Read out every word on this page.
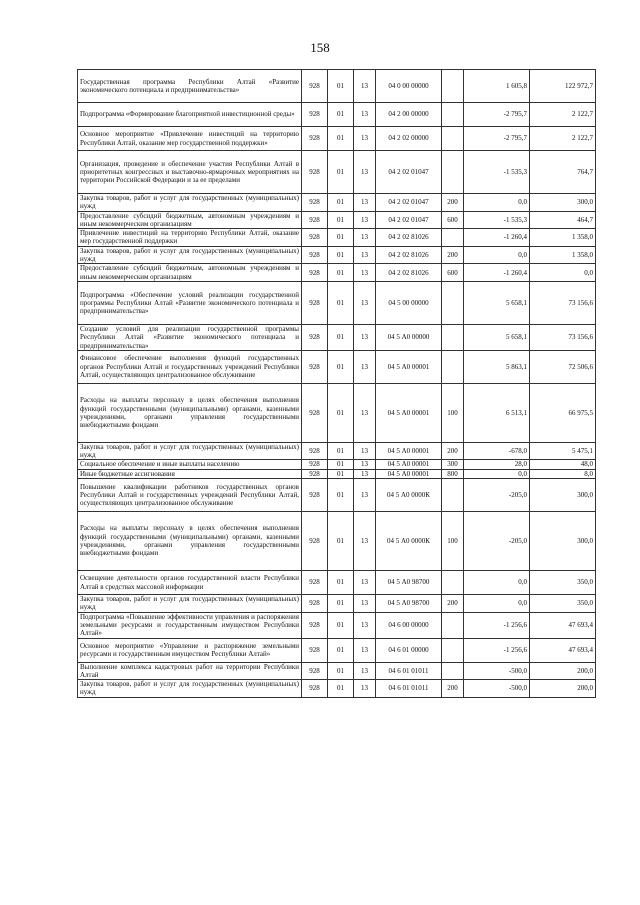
158
Государственная программа Республики Алтай «Развитие экономического потенциала и предпринимательства»	928	01	13	04 0 00 00000		1 605,8	122 972,7
Подпрограмма «Формирование благоприятной инвестиционной среды»	928	01	13	04 2 00 00000		-2 795,7	2 122,7
Основное мероприятие «Привлечение инвестиций на территорию Республики Алтай, оказание мер государственной поддержки»	928	01	13	04 2 02 00000		-2 795,7	2 122,7
Организация, проведение и обеспечение участия Республики Алтай в приоритетных конгрессных и выставочно-ярмарочных мероприятиях на территории Российской Федерации и за ее пределами	928	01	13	04 2 02 01047		-1 535,3	764,7
Закупка товаров, работ и услуг для государственных (муниципальных) нужд	928	01	13	04 2 02 01047	200	0,0	300,0
Предоставление субсидий бюджетным, автономным учреждениям и иным некоммерческим организациям	928	01	13	04 2 02 01047	600	-1 535,3	464,7
Привлечение инвестиций на территорию Республики Алтай, оказание мер государственной поддержки	928	01	13	04 2 02 81026		-1 260,4	1 358,0
Закупка товаров, работ и услуг для государственных (муниципальных) нужд	928	01	13	04 2 02 81026	200	0,0	1 358,0
Предоставление субсидий бюджетным, автономным учреждениям и иным некоммерческим организациям	928	01	13	04 2 02 81026	600	-1 260,4	0,0
Подпрограмма «Обеспечение условий реализации государственной программы Республики Алтай «Развитие экономического потенциала и предпринимательства»	928	01	13	04 5 00 00000		5 658,1	73 156,6
Создание условий для реализации государственной программы Республики Алтай «Развитие экономического потенциала и предпринимательства»	928	01	13	04 5 А0 00000		5 658,1	73 156,6
Финансовое обеспечение выполнения функций государственных органов Республики Алтай и государственных учреждений Республики Алтай, осуществляющих централизованное обслуживание	928	01	13	04 5 А0 00001		5 863,1	72 506,6
Расходы на выплаты персоналу в целях обеспечения выполнения функций государственными (муниципальными) органами, казенными учреждениями, органами управления государственными внебюджетными фондами	928	01	13	04 5 А0 00001	100	6 513,1	66 975,5
Закупка товаров, работ и услуг для государственных (муниципальных) нужд	928	01	13	04 5 А0 00001	200	-678,0	5 475,1
Социальное обеспечение и иные выплаты населению	928	01	13	04 5 А0 00001	300	28,0	48,0
Иные бюджетные ассигнования	928	01	13	04 5 А0 00001	800	0,0	8,0
Повышение квалификации работников государственных органов Республики Алтай и государственных учреждений Республики Алтай, осуществляющих централизованное обслуживание	928	01	13	04 5 А0 0000К		-205,0	300,0
Расходы на выплаты персоналу в целях обеспечения выполнения функций государственными (муниципальными) органами, казенными учреждениями, органами управления государственными внебюджетными фондами	928	01	13	04 5 А0 0000К	100	-205,0	300,0
Освещение деятельности органов государственной власти Республики Алтай в средствах массовой информации	928	01	13	04 5 А0 98700		0,0	350,0
Закупка товаров, работ и услуг для государственных (муниципальных) нужд	928	01	13	04 5 А0 98700	200	0,0	350,0
Подпрограмма «Повышение эффективности управления и распоряжения земельными ресурсами и государственным имуществом Республики Алтай»	928	01	13	04 6 00 00000		-1 256,6	47 693,4
Основное мероприятие «Управление и распоряжение земельными ресурсами и государственным имуществом Республики Алтай»	928	01	13	04 6 01 00000		-1 256,6	47 693,4
Выполнение комплекса кадастровых работ на территории Республики Алтай	928	01	13	04 6 01 01011		-500,0	200,0
Закупка товаров, работ и услуг для государственных (муниципальных) нужд	928	01	13	04 6 01 01011	200	-500,0	200,0
